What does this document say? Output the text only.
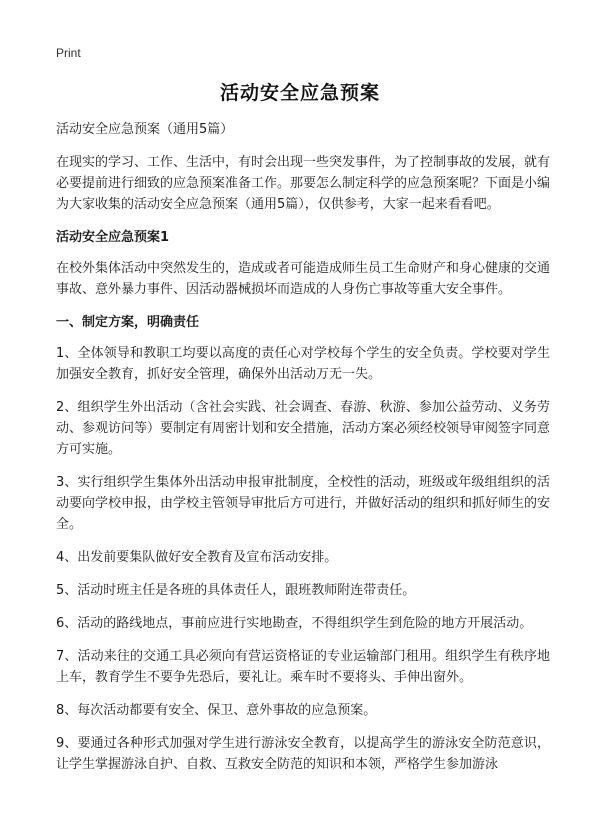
Print
活动安全应急预案

活动安全应急预案（通用5篇）

在现实的学习、工作、生活中，有时会出现一些突发事件，为了控制事故的发展，就有必要提前进行细致的应急预案准备工作。那要怎么制定科学的应急预案呢？下面是小编为大家收集的活动安全应急预案（通用5篇），仅供参考，大家一起来看看吧。

活动安全应急预案1

在校外集体活动中突然发生的，造成或者可能造成师生员工生命财产和身心健康的交通事故、意外暴力事件、因活动器械损坏而造成的人身伤亡事故等重大安全事件。

一、制定方案，明确责任

1、全体领导和教职工均要以高度的责任心对学校每个学生的安全负责。学校要对学生加强安全教育，抓好安全管理，确保外出活动万无一失。

2、组织学生外出活动（含社会实践、社会调查、春游、秋游、参加公益劳动、义务劳动、参观访问等）要制定有周密计划和安全措施，活动方案必须经校领导审阅签字同意方可实施。

3、实行组织学生集体外出活动申报审批制度，全校性的活动，班级或年级组组织的活动要向学校申报，由学校主管领导审批后方可进行，并做好活动的组织和抓好师生的安全。

4、出发前要集队做好安全教育及宣布活动安排。

5、活动时班主任是各班的具体责任人，跟班教师附连带责任。

6、活动的路线地点，事前应进行实地勘查，不得组织学生到危险的地方开展活动。

7、活动来往的交通工具必须向有营运资格证的专业运输部门租用。组织学生有秩序地上车，教育学生不要争先恐后，要礼让。乘车时不要将头、手伸出窗外。

8、每次活动都要有安全、保卫、意外事故的应急预案。

9、要通过各种形式加强对学生进行游泳安全教育，以提高学生的游泳安全防范意识，让学生掌握游泳自护、自救、互救安全防范的知识和本领，严格学生参加游泳
